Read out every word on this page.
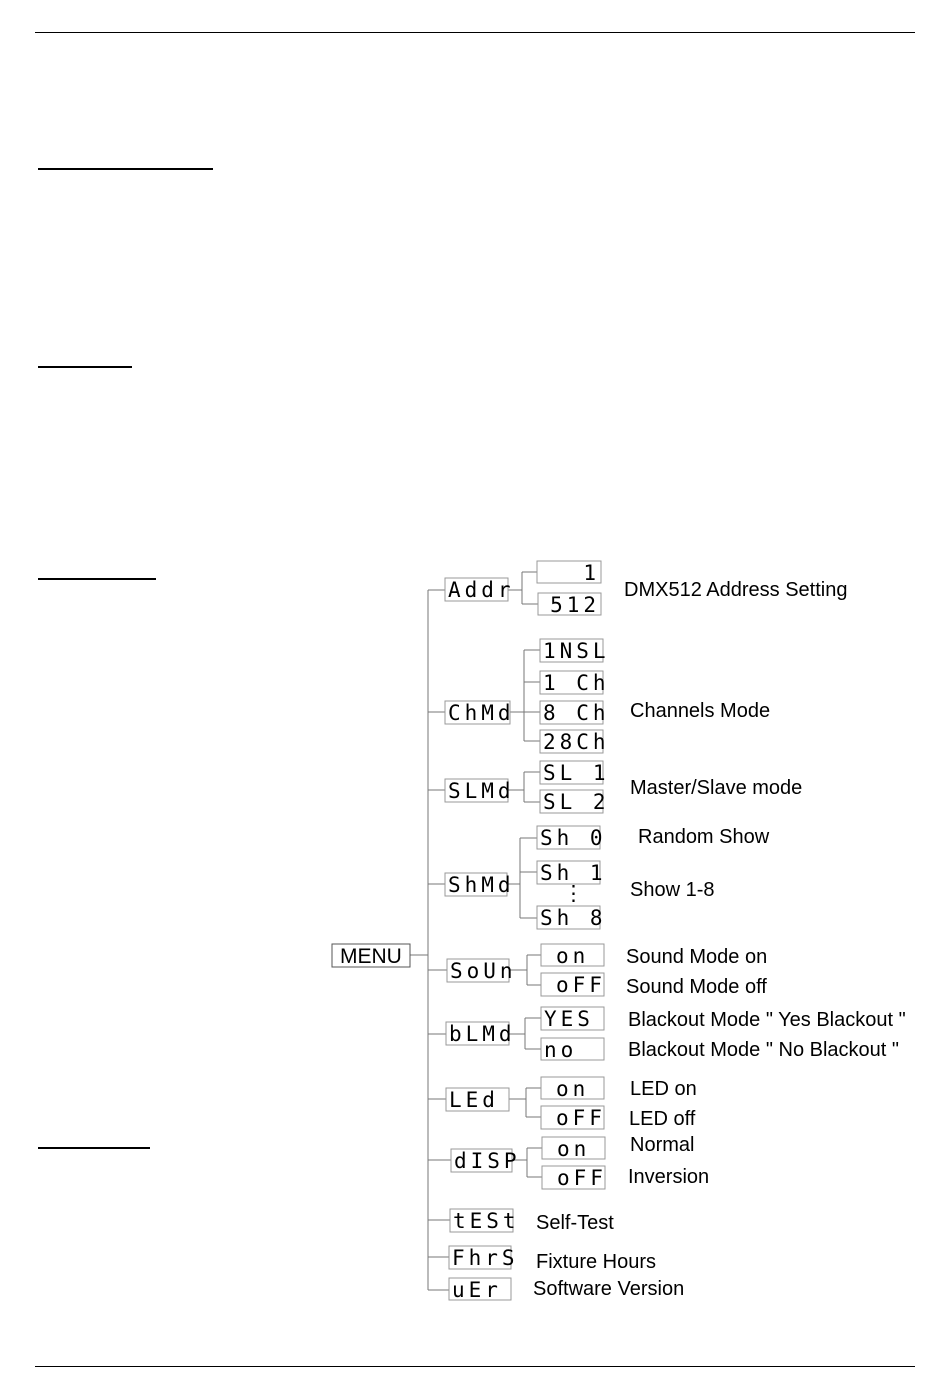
MENU
Addr
ChMd
SLMd
ShMd
SoUn
bLMd
LEd
dISP
tESt
FhrS
uEr
1
512
1NSL
1 Ch
8 Ch
28Ch
SL 1
SL 2
Sh 0
Sh 1
⋮
Sh 8
on
oFF
YES
no
on
oFF
on
oFF
DMX512 Address Setting
Channels Mode
Master/Slave mode
Random Show
Show 1-8
Sound Mode on
Sound Mode off
Blackout Mode " Yes Blackout "
Blackout Mode " No Blackout "
LED on
LED off
Normal
Inversion
Self-Test
Fixture Hours
Software Version
